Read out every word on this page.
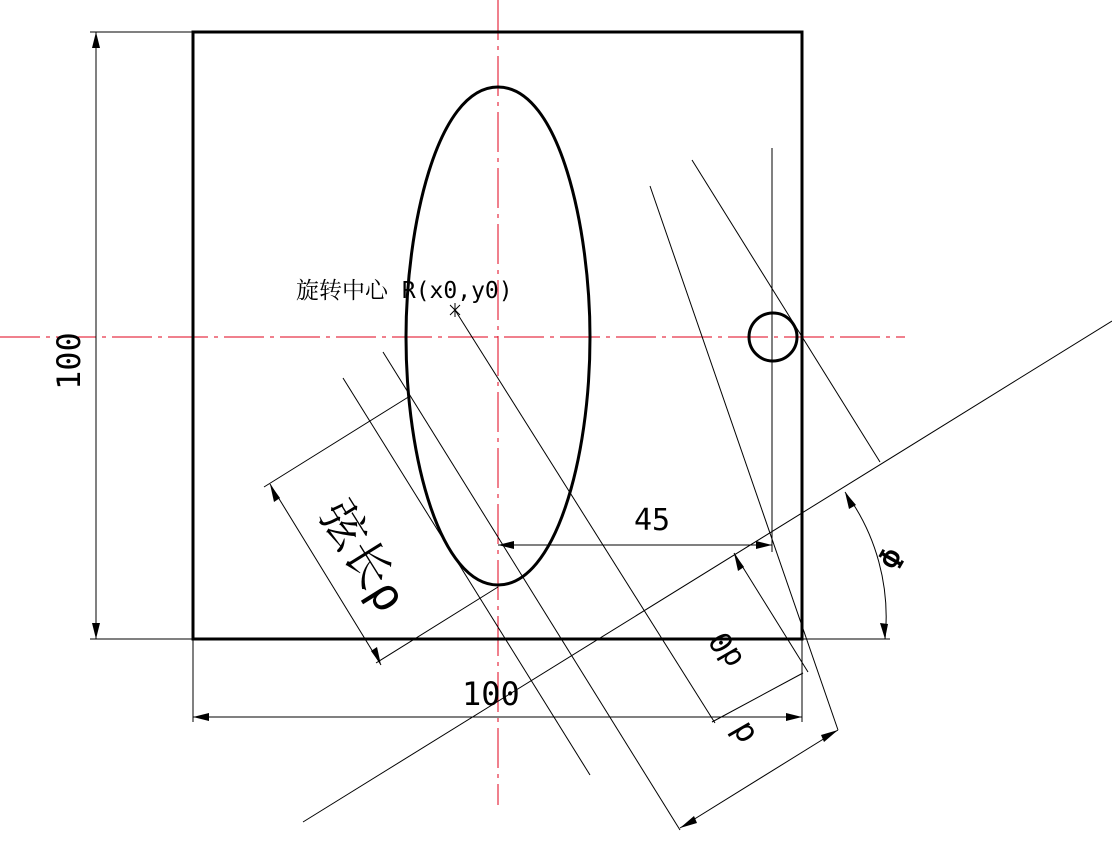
旋转中心 R(x0,y0)
45
100
100
弦长ρ
d0
d
Φ
